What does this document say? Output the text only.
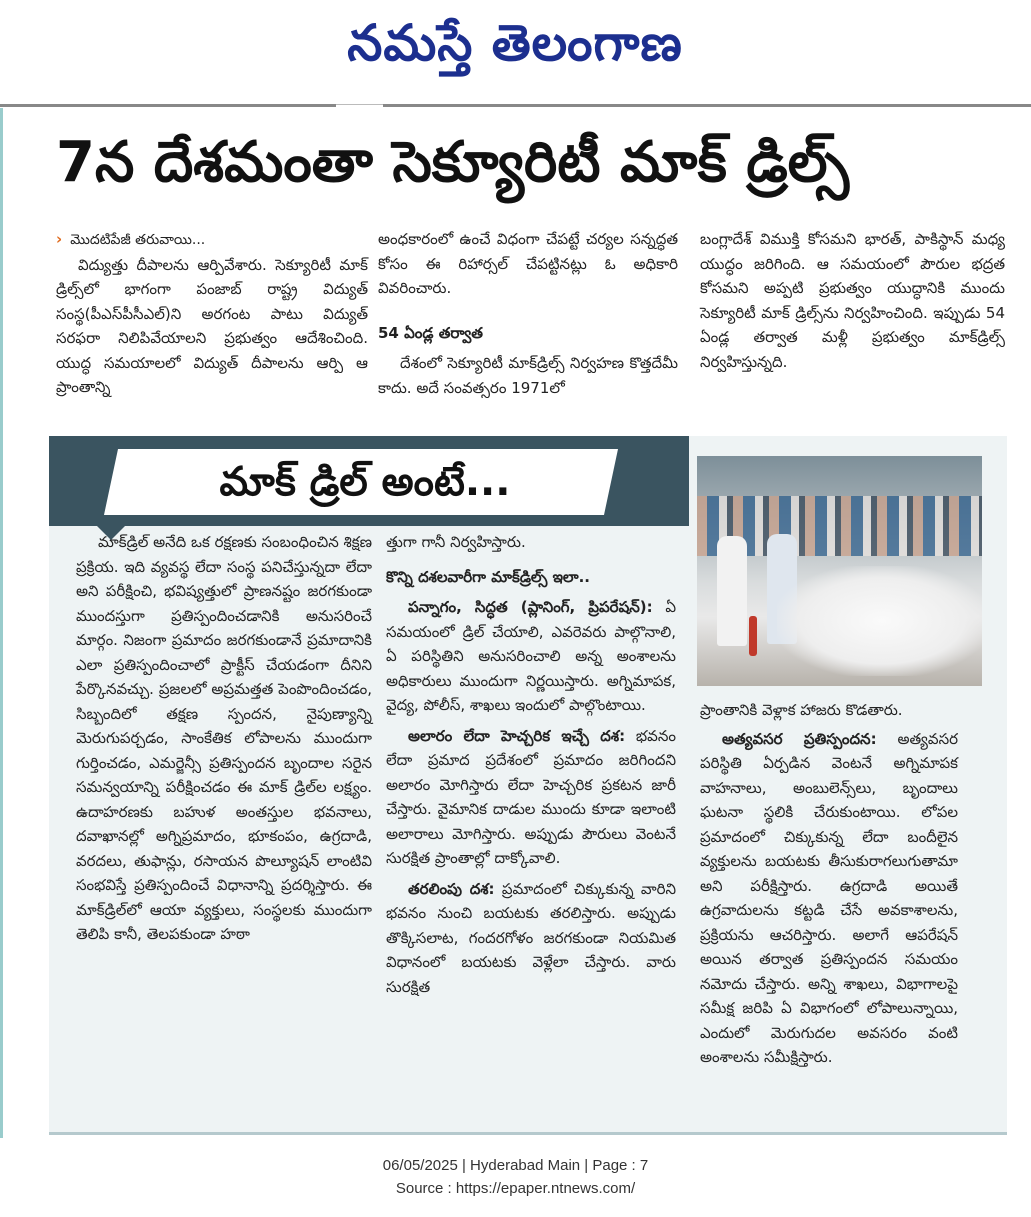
నమస్తే తెలంగాణ
7న దేశమంతా సెక్యూరిటీ మాక్ డ్రిల్స్
› మొదటిపేజీ తరువాయి...

విద్యుత్తు దీపాలను ఆర్పివేశారు. సెక్యూరిటీ మాక్ డ్రిల్స్‌లో భాగంగా పంజాబ్ రాష్ట్ర విద్యుత్ సంస్థ(పీఎస్‌పీసీఎల్)ని అరగంట పాటు విద్యుత్ సరఫరా నిలిపివేయాలని ప్రభుత్వం ఆదేశించింది. యుద్ధ సమయాలలో విద్యుత్ దీపాలను ఆర్పి ఆ ప్రాంతాన్ని

అంధకారంలో ఉంచే విధంగా చేపట్టే చర్యల సన్నద్ధత కోసం ఈ రిహార్సల్ చేపట్టినట్లు ఓ అధికారి వివరించారు.

54 ఏండ్ల తర్వాత

దేశంలో సెక్యూరిటీ మాక్‌డ్రిల్స్ నిర్వహణ కొత్తదేమీ కాదు. అదే సంవత్సరం 1971లో

బంగ్లాదేశ్ విముక్తి కోసమని భారత్, పాకిస్థాన్ మధ్య యుద్ధం జరిగింది. ఆ సమయంలో పౌరుల భద్రత కోసమని అప్పటి ప్రభుత్వం యుద్ధానికి ముందు సెక్యూరిటీ మాక్ డ్రిల్స్‌ను నిర్వహించింది. ఇప్పుడు 54 ఏండ్ల తర్వాత మళ్లీ ప్రభుత్వం మాక్‌డ్రిల్స్ నిర్వహిస్తున్నది.

మాక్ డ్రిల్ అంటే...

మాక్‌డ్రిల్ అనేది ఒక రక్షణకు సంబంధించిన శిక్షణ ప్రక్రియ. ఇది వ్యవస్థ లేదా సంస్థ పనిచేస్తున్నదా లేదా అని పరీక్షించి, భవిష్యత్తులో ప్రాణనష్టం జరగకుండా ముందస్తుగా ప్రతిస్పందించడానికి అనుసరించే మార్గం. నిజంగా ప్రమాదం జరగకుండానే ప్రమాదానికి ఎలా ప్రతిస్పందించాలో ప్రాక్టీస్ చేయడంగా దీనిని పేర్కొనవచ్చు. ప్రజలలో అప్రమత్తత పెంపొందించడం, సిబ్బందిలో తక్షణ స్పందన, నైపుణ్యాన్ని మెరుగుపర్చడం, సాంకేతిక లోపాలను ముందుగా గుర్తించడం, ఎమర్జెన్సీ ప్రతిస్పందన బృందాల సరైన సమన్వయాన్ని పరీక్షించడం ఈ మాక్ డ్రిల్‌ల లక్ష్యం. ఉదాహరణకు బహుళ అంతస్తుల భవనాలు, దవాఖానల్లో అగ్నిప్రమాదం, భూకంపం, ఉగ్రదాడి, వరదలు, తుఫాన్లు, రసాయన పొల్యూషన్ లాంటివి సంభవిస్తే ప్రతిస్పందించే విధానాన్ని ప్రదర్శిస్తారు. ఈ మాక్‌డ్రిల్‌లో ఆయా వ్యక్తులు, సంస్థలకు ముందుగా తెలిపి కానీ, తెలపకుండా హఠా

త్తుగా గానీ నిర్వహిస్తారు.

కొన్ని దశలవారీగా మాక్‌డ్రిల్స్ ఇలా..

పన్నాగం, సిద్ధత (ప్లానింగ్, ప్రిపరేషన్): ఏ సమయంలో డ్రిల్ చేయాలి, ఎవరెవరు పాల్గొనాలి, ఏ పరిస్థితిని అనుసరించాలి అన్న అంశాలను అధికారులు ముందుగా నిర్ణయిస్తారు. అగ్నిమాపక, వైద్య, పోలీస్, శాఖలు ఇందులో పాల్గొంటాయి.

అలారం లేదా హెచ్చరిక ఇచ్చే దశ: భవనం లేదా ప్రమాద ప్రదేశంలో ప్రమాదం జరిగిందని అలారం మోగిస్తారు లేదా హెచ్చరిక ప్రకటన జారీ చేస్తారు. వైమానిక దాడుల ముందు కూడా ఇలాంటి అలారాలు మోగిస్తారు. అప్పుడు పౌరులు వెంటనే సురక్షిత ప్రాంతాల్లో దాక్కోవాలి.

తరలింపు దశ: ప్రమాదంలో చిక్కుకున్న వారిని భవనం నుంచి బయటకు తరలిస్తారు. అప్పుడు తొక్కిసలాట, గందరగోళం జరగకుండా నియమిత విధానంలో బయటకు వెళ్లేలా చేస్తారు. వారు సురక్షిత

ప్రాంతానికి వెళ్లాక హాజరు కొడతారు.

అత్యవసర ప్రతిస్పందన: అత్యవసర పరిస్థితి ఏర్పడిన వెంటనే అగ్నిమాపక వాహనాలు, అంబులెన్స్‌లు, బృందాలు ఘటనా స్థలికి చేరుకుంటాయి. లోపల ప్రమాదంలో చిక్కుకున్న లేదా బందీలైన వ్యక్తులను బయటకు తీసుకురాగలుగుతామా అని పరీక్షిస్తారు. ఉగ్రదాడి అయితే ఉగ్రవాదులను కట్టడి చేసే అవకాశాలను, ప్రక్రియను ఆచరిస్తారు. అలాగే ఆపరేషన్ అయిన తర్వాత ప్రతిస్పందన సమయం నమోదు చేస్తారు. అన్ని శాఖలు, విభాగాలపై సమీక్ష జరిపి ఏ విభాగంలో లోపాలున్నాయి, ఎందులో మెరుగుదల అవసరం వంటి అంశాలను సమీక్షిస్తారు.

06/05/2025 | Hyderabad Main | Page : 7
Source : https://epaper.ntnews.com/
